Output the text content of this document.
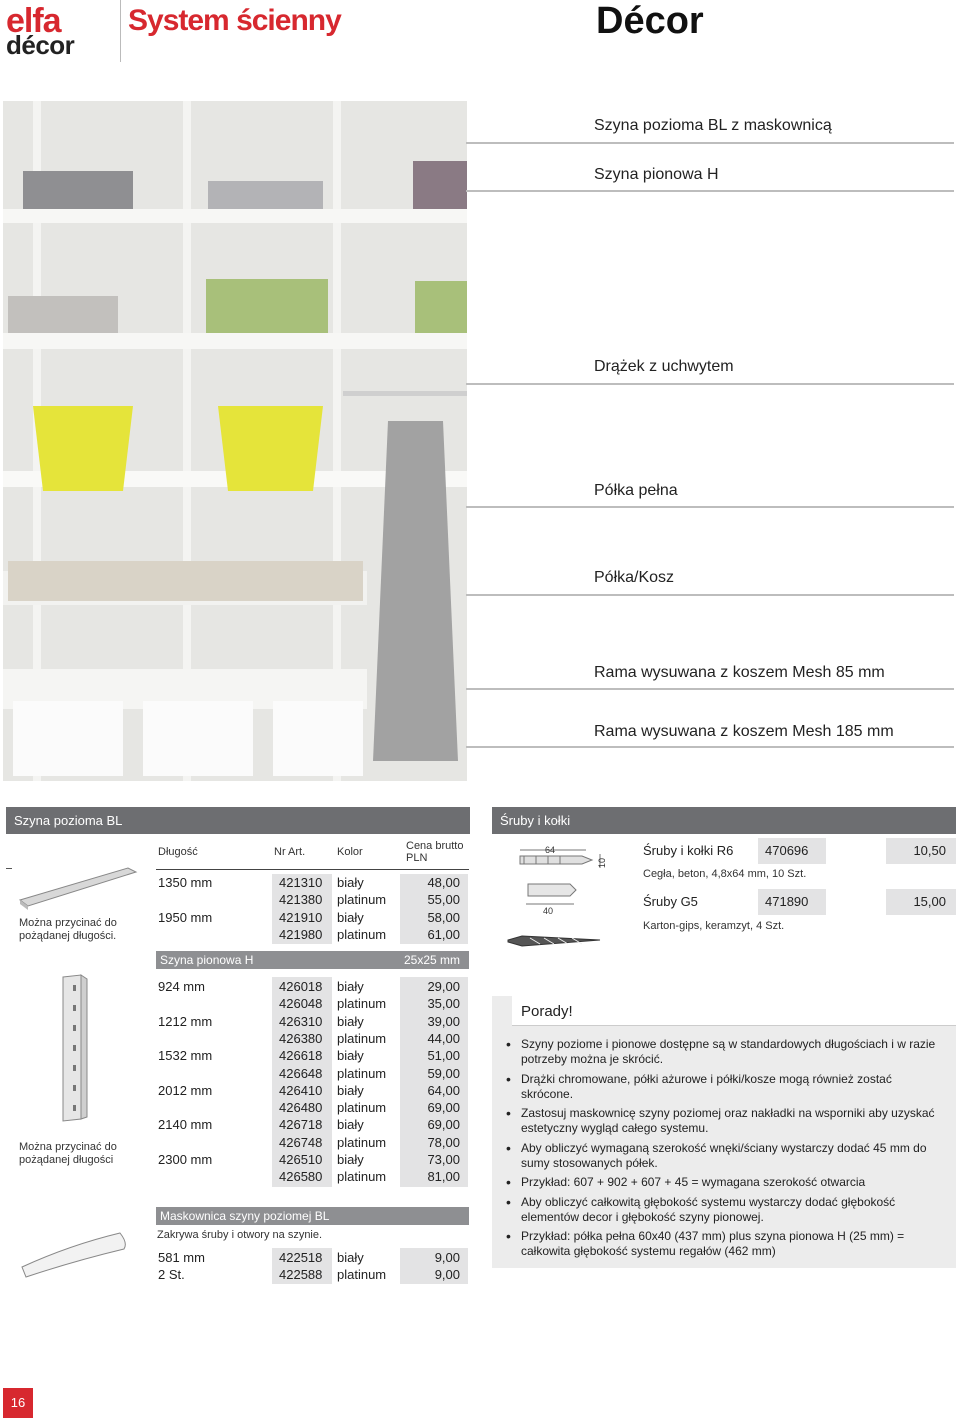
elfa
décor
System ścienny	Décor
Szyna pozioma BL z maskownicą
Szyna pionowa H
Drążek z uchwytem
Półka pełna
Półka/Kosz
Rama wysuwana z koszem Mesh 85 mm
Rama wysuwana z koszem Mesh 185 mm
Szyna pozioma BL
Można przycinać do pożądanej długości.
Długość	Nr Art.	Kolor	Cena brutto PLN
1350 mm	421310 biały	48,00
421380 platinum	55,00
1950 mm	421910 biały	58,00
421980 platinum	61,00
Szyna pionowa H	25x25 mm
Można przycinać do pożądanej długości
924 mm	426018 biały	29,00
426048 platinum	35,00
1212 mm	426310 biały	39,00
426380 platinum	44,00
1532 mm	426618 biały	51,00
426648 platinum	59,00
2012 mm	426410 biały	64,00
426480 platinum	69,00
2140 mm	426718 biały	69,00
426748 platinum	78,00
2300 mm	426510 biały	73,00
426580 platinum	81,00
Maskownica szyny poziomej BL
Zakrywa śruby i otwory na szynie.
581 mm	422518 biały	9,00
2 St.	422588 platinum	9,00
Śruby i kołki
64
10
40
Śruby i kołki R6 470696	10,50
Cegła, beton, 4,8x64 mm, 10 Szt.
Śruby G5	471890	15,00
Karton-gips, keramzyt, 4 Szt.
Porady!
• Szyny poziome i pionowe dostępne są w standardowych długościach i w razie potrzeby można je skrócić.
• Drążki chromowane, półki ażurowe i półki/kosze mogą również zostać skrócone.
• Zastosuj maskownicę szyny poziomej oraz nakładki na wsporniki aby uzyskać estetyczny wygląd całego systemu.
• Aby obliczyć wymaganą szerokość wnęki/ściany wystarczy dodać 45 mm do sumy stosowanych półek.
• Przykład: 607 + 902 + 607 + 45 = wymagana szerokość otwarcia
• Aby obliczyć całkowitą głębokość systemu wystarczy dodać głębokość elementów decor i głębokość szyny pionowej.
• Przykład: półka pełna 60x40 (437 mm) plus szyna pionowa H (25 mm) = całkowita głębokość systemu regałów (462 mm)
16
